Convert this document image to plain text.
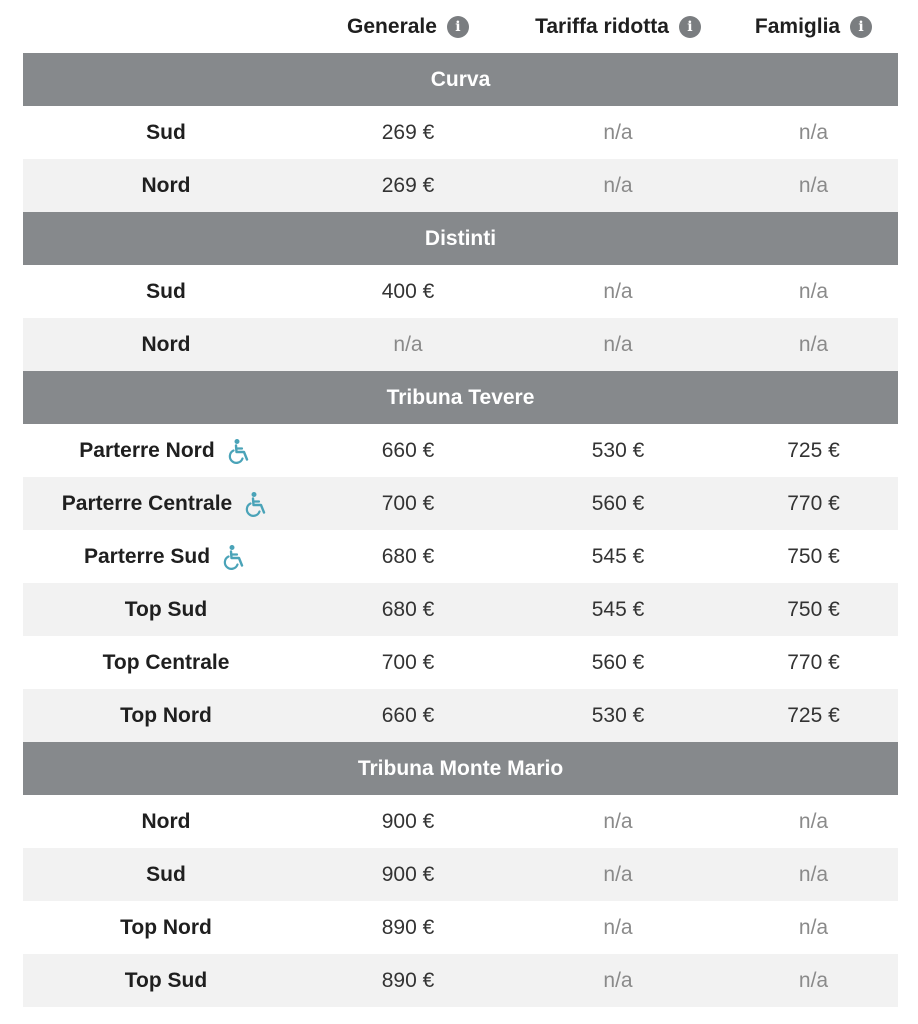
Generale	i	Tariffa ridotta	i	Famiglia	i
Curva
Sud	269 €	n/a	n/a
Nord	269 €	n/a	n/a
Distinti
Sud	400 €	n/a	n/a
Nord	n/a	n/a	n/a
Tribuna Tevere
Parterre Nord	660 €	530 €	725 €
Parterre Centrale	700 €	560 €	770 €
Parterre Sud	680 €	545 €	750 €
Top Sud	680 €	545 €	750 €
Top Centrale	700 €	560 €	770 €
Top Nord	660 €	530 €	725 €
Tribuna Monte Mario
Nord	900 €	n/a	n/a
Sud	900 €	n/a	n/a
Top Nord	890 €	n/a	n/a
Top Sud	890 €	n/a	n/a
